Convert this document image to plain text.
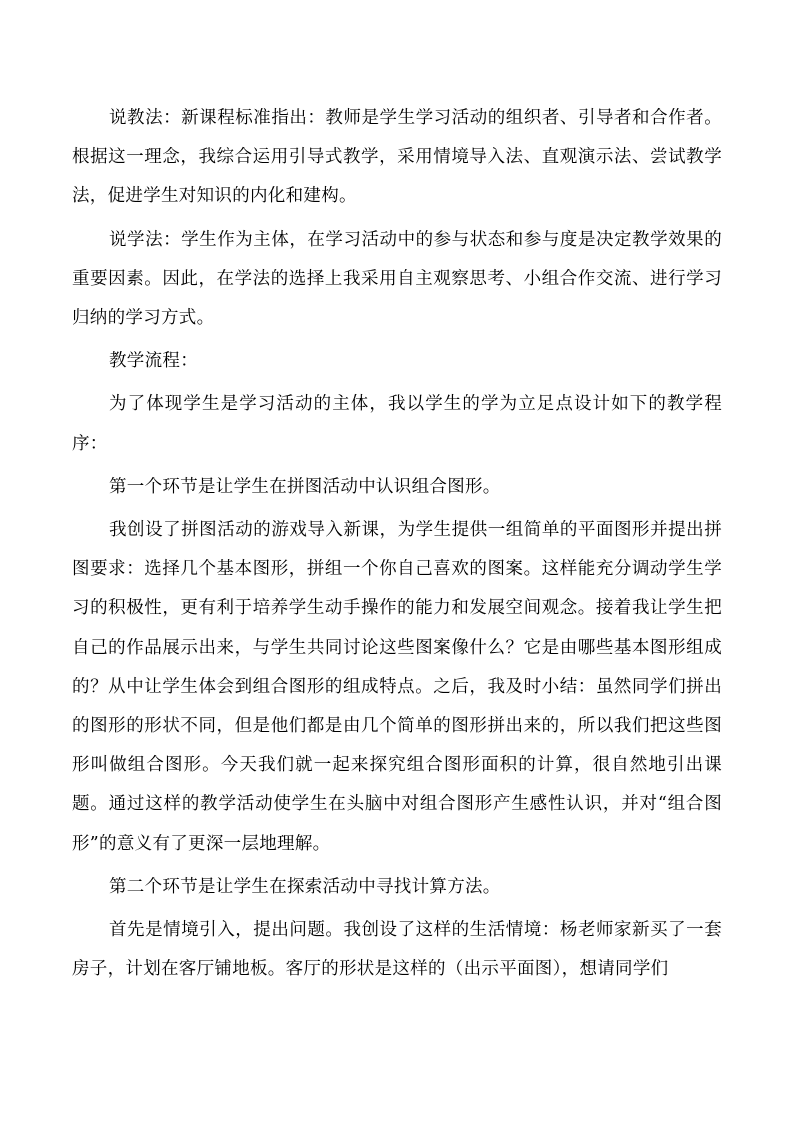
说教法：新课程标准指出：教师是学生学习活动的组织者、引导者和合作者。根据这一理念，我综合运用引导式教学，采用情境导入法、直观演示法、尝试教学法，促进学生对知识的内化和建构。

说学法：学生作为主体，在学习活动中的参与状态和参与度是决定教学效果的重要因素。因此，在学法的选择上我采用自主观察思考、小组合作交流、进行学习归纳的学习方式。

教学流程：

为了体现学生是学习活动的主体，我以学生的学为立足点设计如下的教学程序：

第一个环节是让学生在拼图活动中认识组合图形。

我创设了拼图活动的游戏导入新课，为学生提供一组简单的平面图形并提出拼图要求：选择几个基本图形，拼组一个你自己喜欢的图案。这样能充分调动学生学习的积极性，更有利于培养学生动手操作的能力和发展空间观念。接着我让学生把自己的作品展示出来，与学生共同讨论这些图案像什么？它是由哪些基本图形组成的？从中让学生体会到组合图形的组成特点。之后，我及时小结：虽然同学们拼出的图形的形状不同，但是他们都是由几个简单的图形拼出来的，所以我们把这些图形叫做组合图形。今天我们就一起来探究组合图形面积的计算，很自然地引出课题。通过这样的教学活动使学生在头脑中对组合图形产生感性认识，并对“组合图形”的意义有了更深一层地理解。

第二个环节是让学生在探索活动中寻找计算方法。

首先是情境引入，提出问题。我创设了这样的生活情境：杨老师家新买了一套房子，计划在客厅铺地板。客厅的形状是这样的（出示平面图），想请同学们
